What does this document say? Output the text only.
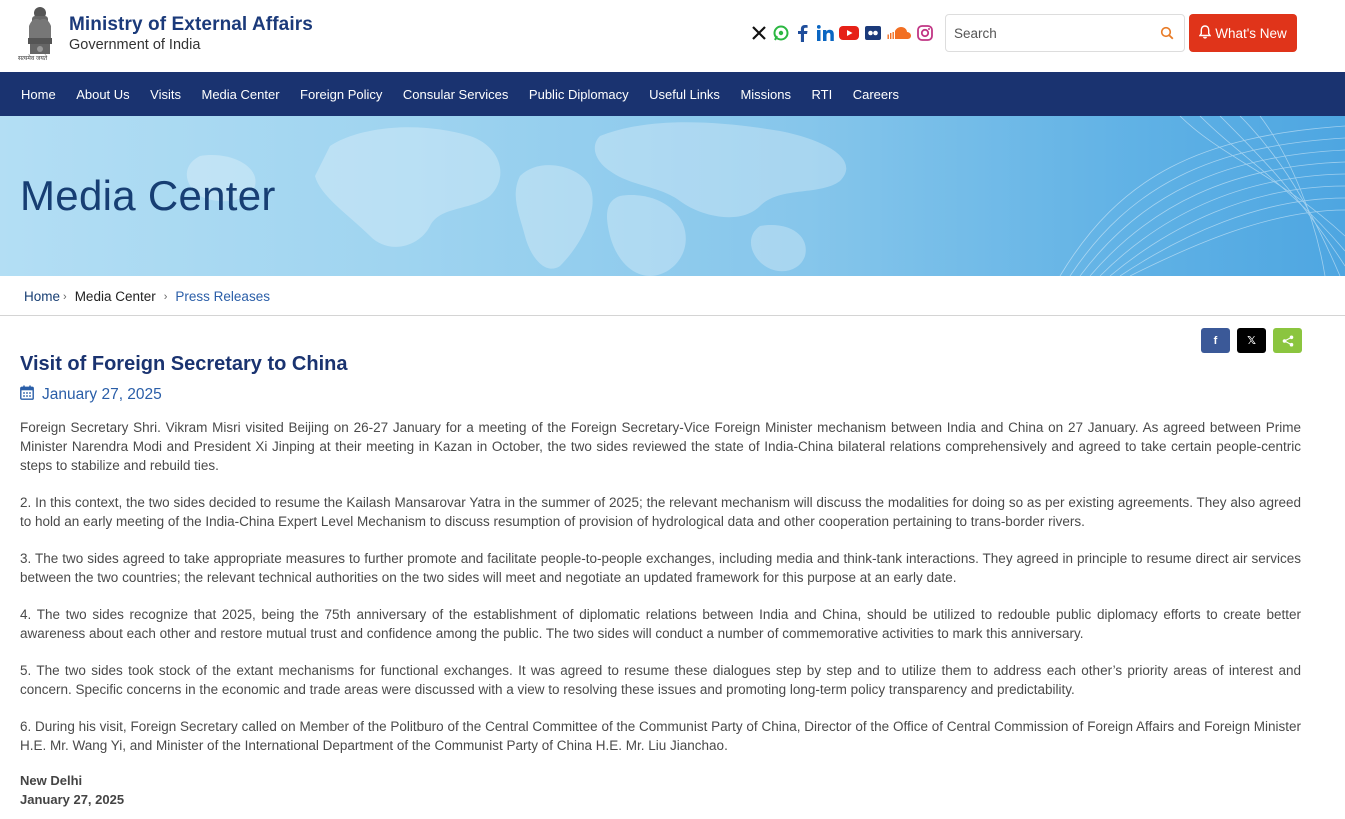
सत्यमेव जयते
Ministry of External Affairs
Government of India
Search
What's New
Home About Us Visits Media Center Foreign Policy Consular Services Public Diplomacy Useful Links Missions RTI Careers
Media Center
Home › Media Center › Press Releases
f	𝕏
Visit of Foreign Secretary to China
January 27, 2025

Foreign Secretary Shri. Vikram Misri visited Beijing on 26-27 January for a meeting of the Foreign Secretary-Vice Foreign Minister mechanism between India and China on 27 January. As agreed between Prime Minister Narendra Modi and President Xi Jinping at their meeting in Kazan in October, the two sides reviewed the state of India-China bilateral relations comprehensively and agreed to take certain people-centric steps to stabilize and rebuild ties.

2. In this context, the two sides decided to resume the Kailash Mansarovar Yatra in the summer of 2025; the relevant mechanism will discuss the modalities for doing so as per existing agreements. They also agreed to hold an early meeting of the India-China Expert Level Mechanism to discuss resumption of provision of hydrological data and other cooperation pertaining to trans-border rivers.

3. The two sides agreed to take appropriate measures to further promote and facilitate people-to-people exchanges, including media and think-tank interactions. They agreed in principle to resume direct air services between the two countries; the relevant technical authorities on the two sides will meet and negotiate an updated framework for this purpose at an early date.

4. The two sides recognize that 2025, being the 75th anniversary of the establishment of diplomatic relations between India and China, should be utilized to redouble public diplomacy efforts to create better awareness about each other and restore mutual trust and confidence among the public. The two sides will conduct a number of commemorative activities to mark this anniversary.

5. The two sides took stock of the extant mechanisms for functional exchanges. It was agreed to resume these dialogues step by step and to utilize them to address each other’s priority areas of interest and concern. Specific concerns in the economic and trade areas were discussed with a view to resolving these issues and promoting long-term policy transparency and predictability.

6. During his visit, Foreign Secretary called on Member of the Politburo of the Central Committee of the Communist Party of China, Director of the Office of Central Commission of Foreign Affairs and Foreign Minister H.E. Mr. Wang Yi, and Minister of the International Department of the Communist Party of China H.E. Mr. Liu Jianchao.

New Delhi
January 27, 2025
